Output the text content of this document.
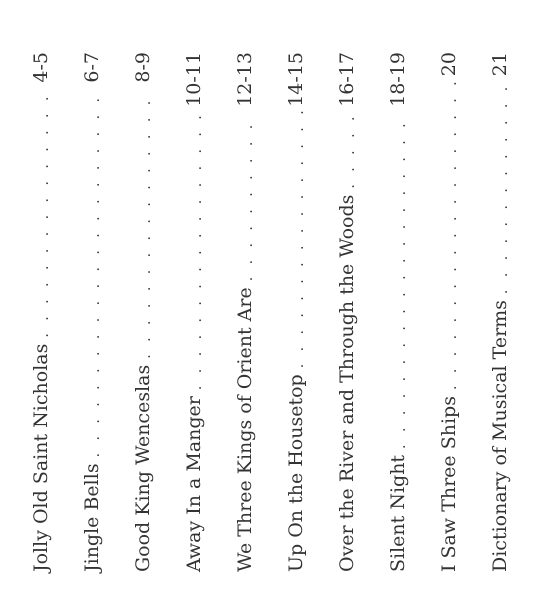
Jolly Old Saint Nicholas
. . .
4-5
Jingle Bells
. . .
6-7
Good King Wenceslas
. . .
8-9
Away In a Manger
. . .
10-11
We Three Kings of Orient Are
. . .
12-13
Up On the Housetop
. . .
14-15
Over the River and Through the Woods
. . .
16-17
Silent Night
. . .
18-19
I Saw Three Ships
. . .
20
Dictionary of Musical Terms
. . .
21
